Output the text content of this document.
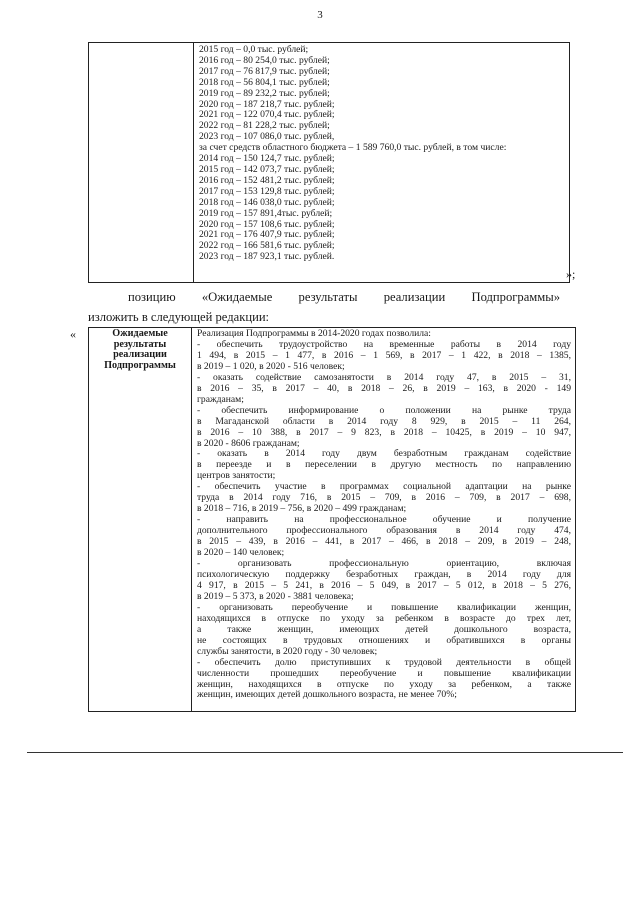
3
2015 год – 0,0 тыс. рублей;
2016 год – 80 254,0 тыс. рублей;
2017 год – 76 817,9 тыс. рублей;
2018 год – 56 804,1 тыс. рублей;
2019 год – 89 232,2 тыс. рублей;
2020 год – 187 218,7 тыс. рублей;
2021 год – 122 070,4 тыс. рублей;
2022 год – 81 228,2 тыс. рублей;
2023 год – 107 086,0 тыс. рублей,
за счет средств областного бюджета – 1 589 760,0 тыс. рублей, в том числе:
2014 год – 150 124,7 тыс. рублей;
2015 год – 142 073,7 тыс. рублей;
2016 год – 152 481,2 тыс. рублей;
2017 год – 153 129,8 тыс. рублей;
2018 год – 146 038,0 тыс. рублей;
2019 год – 157 891,4тыс. рублей;
2020 год – 157 108,6 тыс. рублей;
2021 год – 176 407,9 тыс. рублей;
2022 год – 166 581,6 тыс. рублей;
2023 год – 187 923,1 тыс. рублей.
»;
позицию «Ожидаемые результаты реализации Подпрограммы»
изложить в следующей редакции:
«	Ожидаемые
результаты
реализации
Подпрограммы
Реализация Подпрограммы в 2014-2020 годах позволила:
- обеспечить трудоустройство на временные работы в 2014 году
1 494, в 2015 – 1 477, в 2016 – 1 569, в 2017 – 1 422, в 2018 – 1385,
в 2019 – 1 020, в 2020 - 516 человек;
- оказать содействие самозанятости в 2014 году 47, в 2015 – 31,
в 2016 – 35, в 2017 – 40, в 2018 – 26, в 2019 – 163, в 2020 - 149
гражданам;
- обеспечить информирование о положении на рынке труда
в Магаданской области в 2014 году 8 929, в 2015 – 11 264,
в 2016 – 10 388, в 2017 – 9 823, в 2018 – 10425, в 2019 – 10 947,
в 2020 - 8606 гражданам;
- оказать в 2014 году двум безработным гражданам содействие
в переезде и в переселении в другую местность по направлению
центров занятости;
- обеспечить участие в программах социальной адаптации на рынке
труда в 2014 году 716, в 2015 – 709, в 2016 – 709, в 2017 – 698,
в 2018 – 716, в 2019 – 756, в 2020 – 499 гражданам;
- направить на профессиональное обучение и получение
дополнительного профессионального образования в 2014 году 474,
в 2015 – 439, в 2016 – 441, в 2017 – 466, в 2018 – 209, в 2019 – 248,
в 2020 – 140 человек;
- организовать профессиональную ориентацию, включая
психологическую поддержку безработных граждан, в 2014 году для
4 917, в 2015 – 5 241, в 2016 – 5 049, в 2017 – 5 012, в 2018 – 5 276,
в 2019 – 5 373, в 2020 - 3881 человека;
- организовать переобучение и повышение квалификации женщин,
находящихся в отпуске по уходу за ребенком в возрасте до трех лет,
а также женщин, имеющих детей дошкольного возраста,
не состоящих в трудовых отношениях и обратившихся в органы
службы занятости, в 2020 году - 30 человек;
- обеспечить долю приступивших к трудовой деятельности в общей
численности прошедших переобучение и повышение квалификации
женщин, находящихся в отпуске по уходу за ребенком, а также
женщин, имеющих детей дошкольного возраста, не менее 70%;
